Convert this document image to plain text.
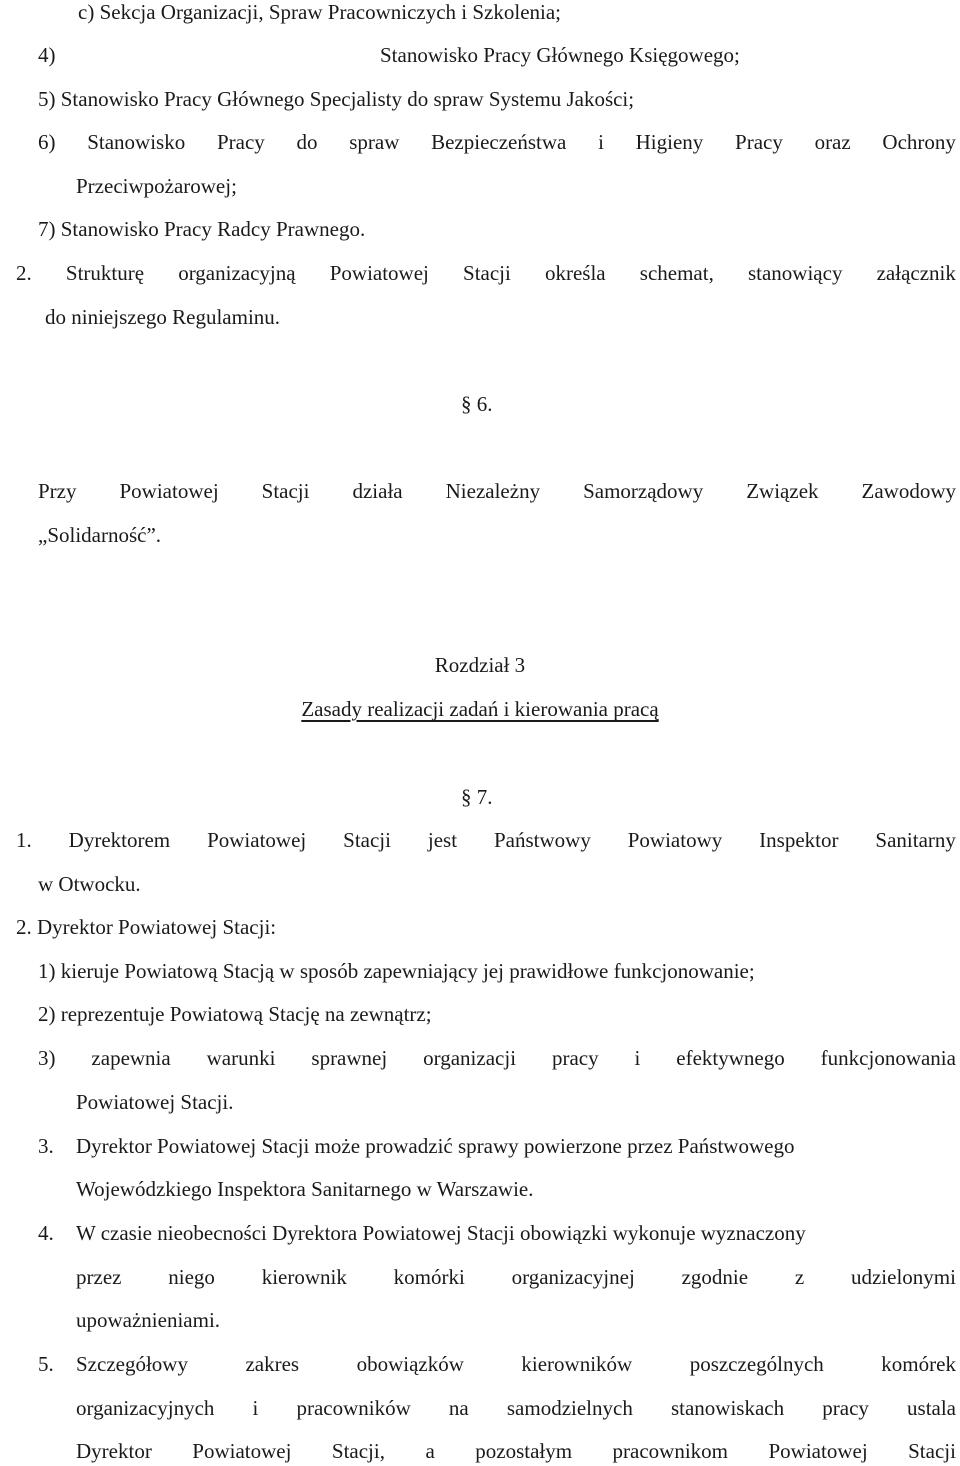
c) Sekcja Organizacji, Spraw Pracowniczych i Szkolenia;
4)	Stanowisko Pracy Głównego Księgowego;
5) Stanowisko Pracy Głównego Specjalisty do spraw Systemu Jakości;
6) Stanowisko Pracy do spraw Bezpieczeństwa i Higieny Pracy oraz Ochrony
Przeciwpożarowej;
7) Stanowisko Pracy Radcy Prawnego.
2. Strukturę organizacyjną Powiatowej Stacji określa schemat, stanowiący załącznik
do niniejszego Regulaminu.
§ 6.
Przy Powiatowej Stacji działa Niezależny Samorządowy Związek Zawodowy
„Solidarność”.
Rozdział 3
Zasady realizacji zadań i kierowania pracą
§ 7.
1. Dyrektorem Powiatowej Stacji jest Państwowy Powiatowy Inspektor Sanitarny
w Otwocku.
2. Dyrektor Powiatowej Stacji:
1) kieruje Powiatową Stacją w sposób zapewniający jej prawidłowe funkcjonowanie;
2) reprezentuje Powiatową Stację na zewnątrz;
3) zapewnia warunki sprawnej organizacji pracy i efektywnego funkcjonowania
Powiatowej Stacji.
3. Dyrektor Powiatowej Stacji może prowadzić sprawy powierzone przez Państwowego
Wojewódzkiego Inspektora Sanitarnego w Warszawie.
4. W czasie nieobecności Dyrektora Powiatowej Stacji obowiązki wykonuje wyznaczony
przez niego kierownik komórki organizacyjnej zgodnie z udzielonymi
upoważnieniami.
5. Szczegółowy	zakres	obowiązków	kierowników	poszczególnych	komórek
organizacyjnych i pracowników na samodzielnych stanowiskach pracy ustala
Dyrektor Powiatowej Stacji, a pozostałym pracownikom Powiatowej Stacji
